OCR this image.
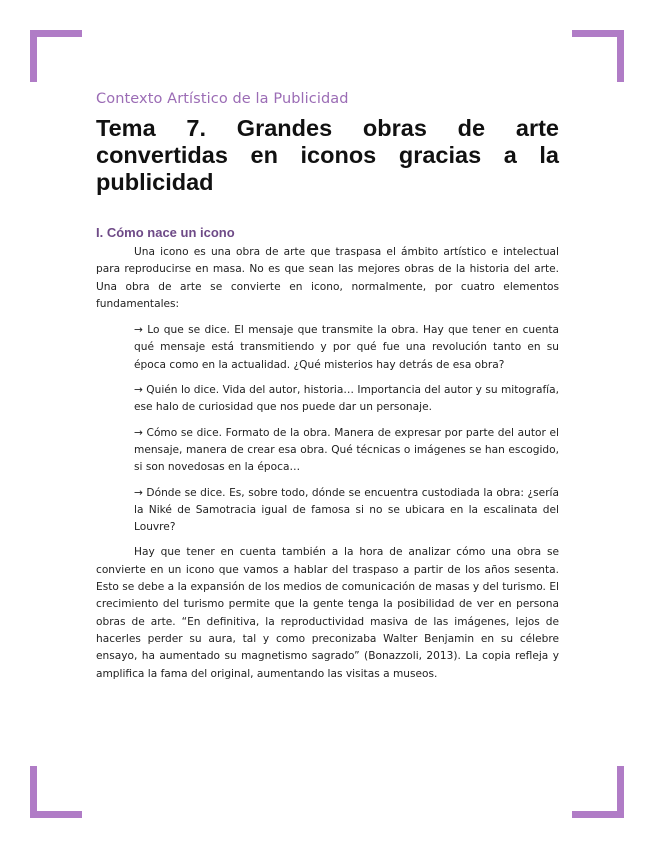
Contexto Artístico de la Publicidad
Tema 7. Grandes obras de arte convertidas en iconos gracias a la publicidad
I. Cómo nace un icono

Una icono es una obra de arte que traspasa el ámbito artístico e intelectual para reproducirse en masa. No es que sean las mejores obras de la historia del arte. Una obra de arte se convierte en icono, normalmente, por cuatro elementos fundamentales:

→ Lo que se dice. El mensaje que transmite la obra. Hay que tener en cuenta qué mensaje está transmitiendo y por qué fue una revolución tanto en su época como en la actualidad. ¿Qué misterios hay detrás de esa obra?

→ Quién lo dice. Vida del autor, historia… Importancia del autor y su mitografía, ese halo de curiosidad que nos puede dar un personaje.

→ Cómo se dice. Formato de la obra. Manera de expresar por parte del autor el mensaje, manera de crear esa obra. Qué técnicas o imágenes se han escogido, si son novedosas en la época…

→ Dónde se dice. Es, sobre todo, dónde se encuentra custodiada la obra: ¿sería la Niké de Samotracia igual de famosa si no se ubicara en la escalinata del Louvre?

Hay que tener en cuenta también a la hora de analizar cómo una obra se convierte en un icono que vamos a hablar del traspaso a partir de los años sesenta. Esto se debe a la expansión de los medios de comunicación de masas y del turismo. El crecimiento del turismo permite que la gente tenga la posibilidad de ver en persona obras de arte. “En definitiva, la reproductividad masiva de las imágenes, lejos de hacerles perder su aura, tal y como preconizaba Walter Benjamin en su célebre ensayo, ha aumentado su magnetismo sagrado” (Bonazzoli, 2013). La copia refleja y amplifica la fama del original, aumentando las visitas a museos.
